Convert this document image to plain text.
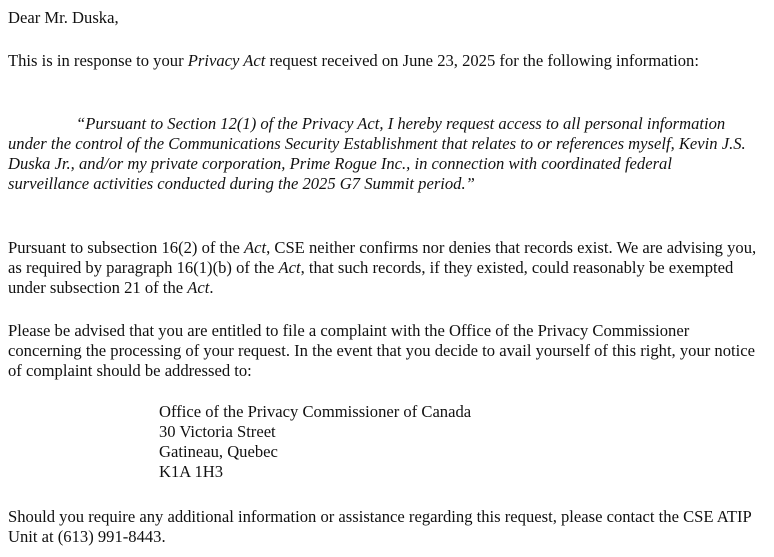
Dear Mr. Duska,

This is in response to your Privacy Act request received on June 23, 2025 for the following information:

“Pursuant to Section 12(1) of the Privacy Act, I hereby request access to all personal information under the control of the Communications Security Establishment that relates to or references myself, Kevin J.S. Duska Jr., and/or my private corporation, Prime Rogue Inc., in connection with coordinated federal surveillance activities conducted during the 2025 G7 Summit period.”

Pursuant to subsection 16(2) of the Act, CSE neither confirms nor denies that records exist. We are advising you, as required by paragraph 16(1)(b) of the Act, that such records, if they existed, could reasonably be exempted under subsection 21 of the Act.

Please be advised that you are entitled to file a complaint with the Office of the Privacy Commissioner concerning the processing of your request. In the event that you decide to avail yourself of this right, your notice of complaint should be addressed to:

Office of the Privacy Commissioner of Canada
30 Victoria Street
Gatineau, Quebec
K1A 1H3

Should you require any additional information or assistance regarding this request, please contact the CSE ATIP Unit at (613) 991-8443.
